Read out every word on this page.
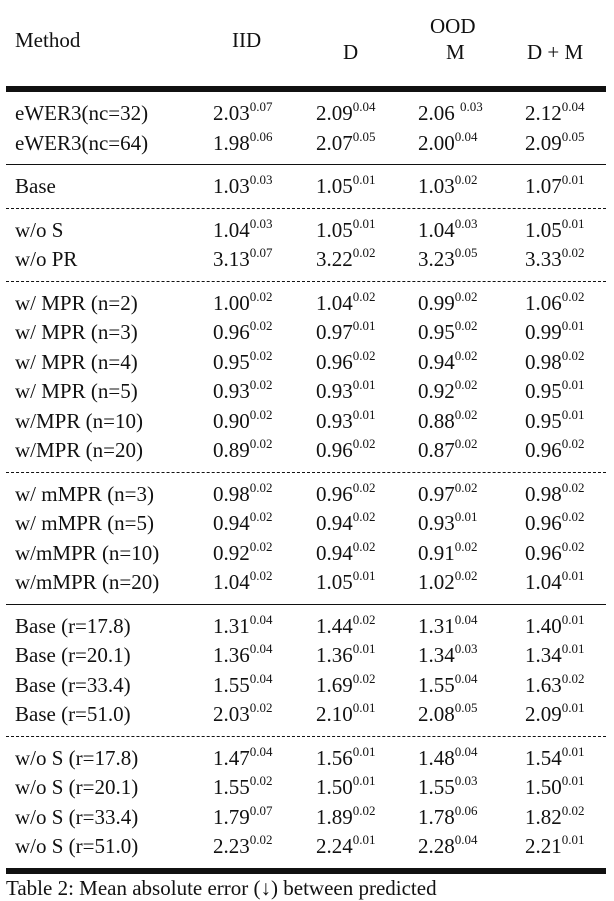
Method	IID
OOD
D	M	D + M
eWER3(nc=32)	$2.03^{0.07}$ $2.09^{0.04}$ 2.06 $^{0.03}$ $2.12^{0.04}$
eWER3(nc=64)	$1.98^{0.06}$ $2.07^{0.05}$ $2.00^{0.04}$ $2.09^{0.05}$
Base	$1.03^{0.03}$ $1.05^{0.01}$ $1.03^{0.02}$ $1.07^{0.01}$
w/o S	$1.04^{0.03}$ $1.05^{0.01}$ $1.04^{0.03}$ $1.05^{0.01}$
w/o PR	$3.13^{0.07}$ $3.22^{0.02}$ $3.23^{0.05}$ $3.33^{0.02}$
w/ MPR (n=2)	$1.00^{0.02}$ $1.04^{0.02}$ $0.99^{0.02}$ $1.06^{0.02}$
w/ MPR (n=3)	$0.96^{0.02}$ $0.97^{0.01}$ $0.95^{0.02}$ $0.99^{0.01}$
w/ MPR (n=4)	$0.95^{0.02}$ $0.96^{0.02}$ $0.94^{0.02}$ $0.98^{0.02}$
w/ MPR (n=5)	$0.93^{0.02}$ $0.93^{0.01}$ $0.92^{0.02}$ $0.95^{0.01}$
w/MPR (n=10)	$0.90^{0.02}$ $0.93^{0.01}$ $0.88^{0.02}$ $0.95^{0.01}$
w/MPR (n=20)	$0.89^{0.02}$ $0.96^{0.02}$ $0.87^{0.02}$ $0.96^{0.02}$
w/ mMPR (n=3)	$0.98^{0.02}$ $0.96^{0.02}$ $0.97^{0.02}$ $0.98^{0.02}$
w/ mMPR (n=5)	$0.94^{0.02}$ $0.94^{0.02}$ $0.93^{0.01}$ $0.96^{0.02}$
w/mMPR (n=10)	$0.92^{0.02}$ $0.94^{0.02}$ $0.91^{0.02}$ $0.96^{0.02}$
w/mMPR (n=20)	$1.04^{0.02}$ $1.05^{0.01}$ $1.02^{0.02}$ $1.04^{0.01}$
Base (r=17.8)	$1.31^{0.04}$ $1.44^{0.02}$ $1.31^{0.04}$ $1.40^{0.01}$
Base (r=20.1)	$1.36^{0.04}$ $1.36^{0.01}$ $1.34^{0.03}$ $1.34^{0.01}$
Base (r=33.4)	$1.55^{0.04}$ $1.69^{0.02}$ $1.55^{0.04}$ $1.63^{0.02}$
Base (r=51.0)	$2.03^{0.02}$ $2.10^{0.01}$ $2.08^{0.05}$ $2.09^{0.01}$
w/o S (r=17.8)	$1.47^{0.04}$ $1.56^{0.01}$ $1.48^{0.04}$ $1.54^{0.01}$
w/o S (r=20.1)	$1.55^{0.02}$ $1.50^{0.01}$ $1.55^{0.03}$ $1.50^{0.01}$
w/o S (r=33.4)	$1.79^{0.07}$ $1.89^{0.02}$ $1.78^{0.06}$ $1.82^{0.02}$
w/o S (r=51.0)	$2.23^{0.02}$ $2.24^{0.01}$ $2.28^{0.04}$ $2.21^{0.01}$
Table 2: Mean absolute error (↓) between predicted
